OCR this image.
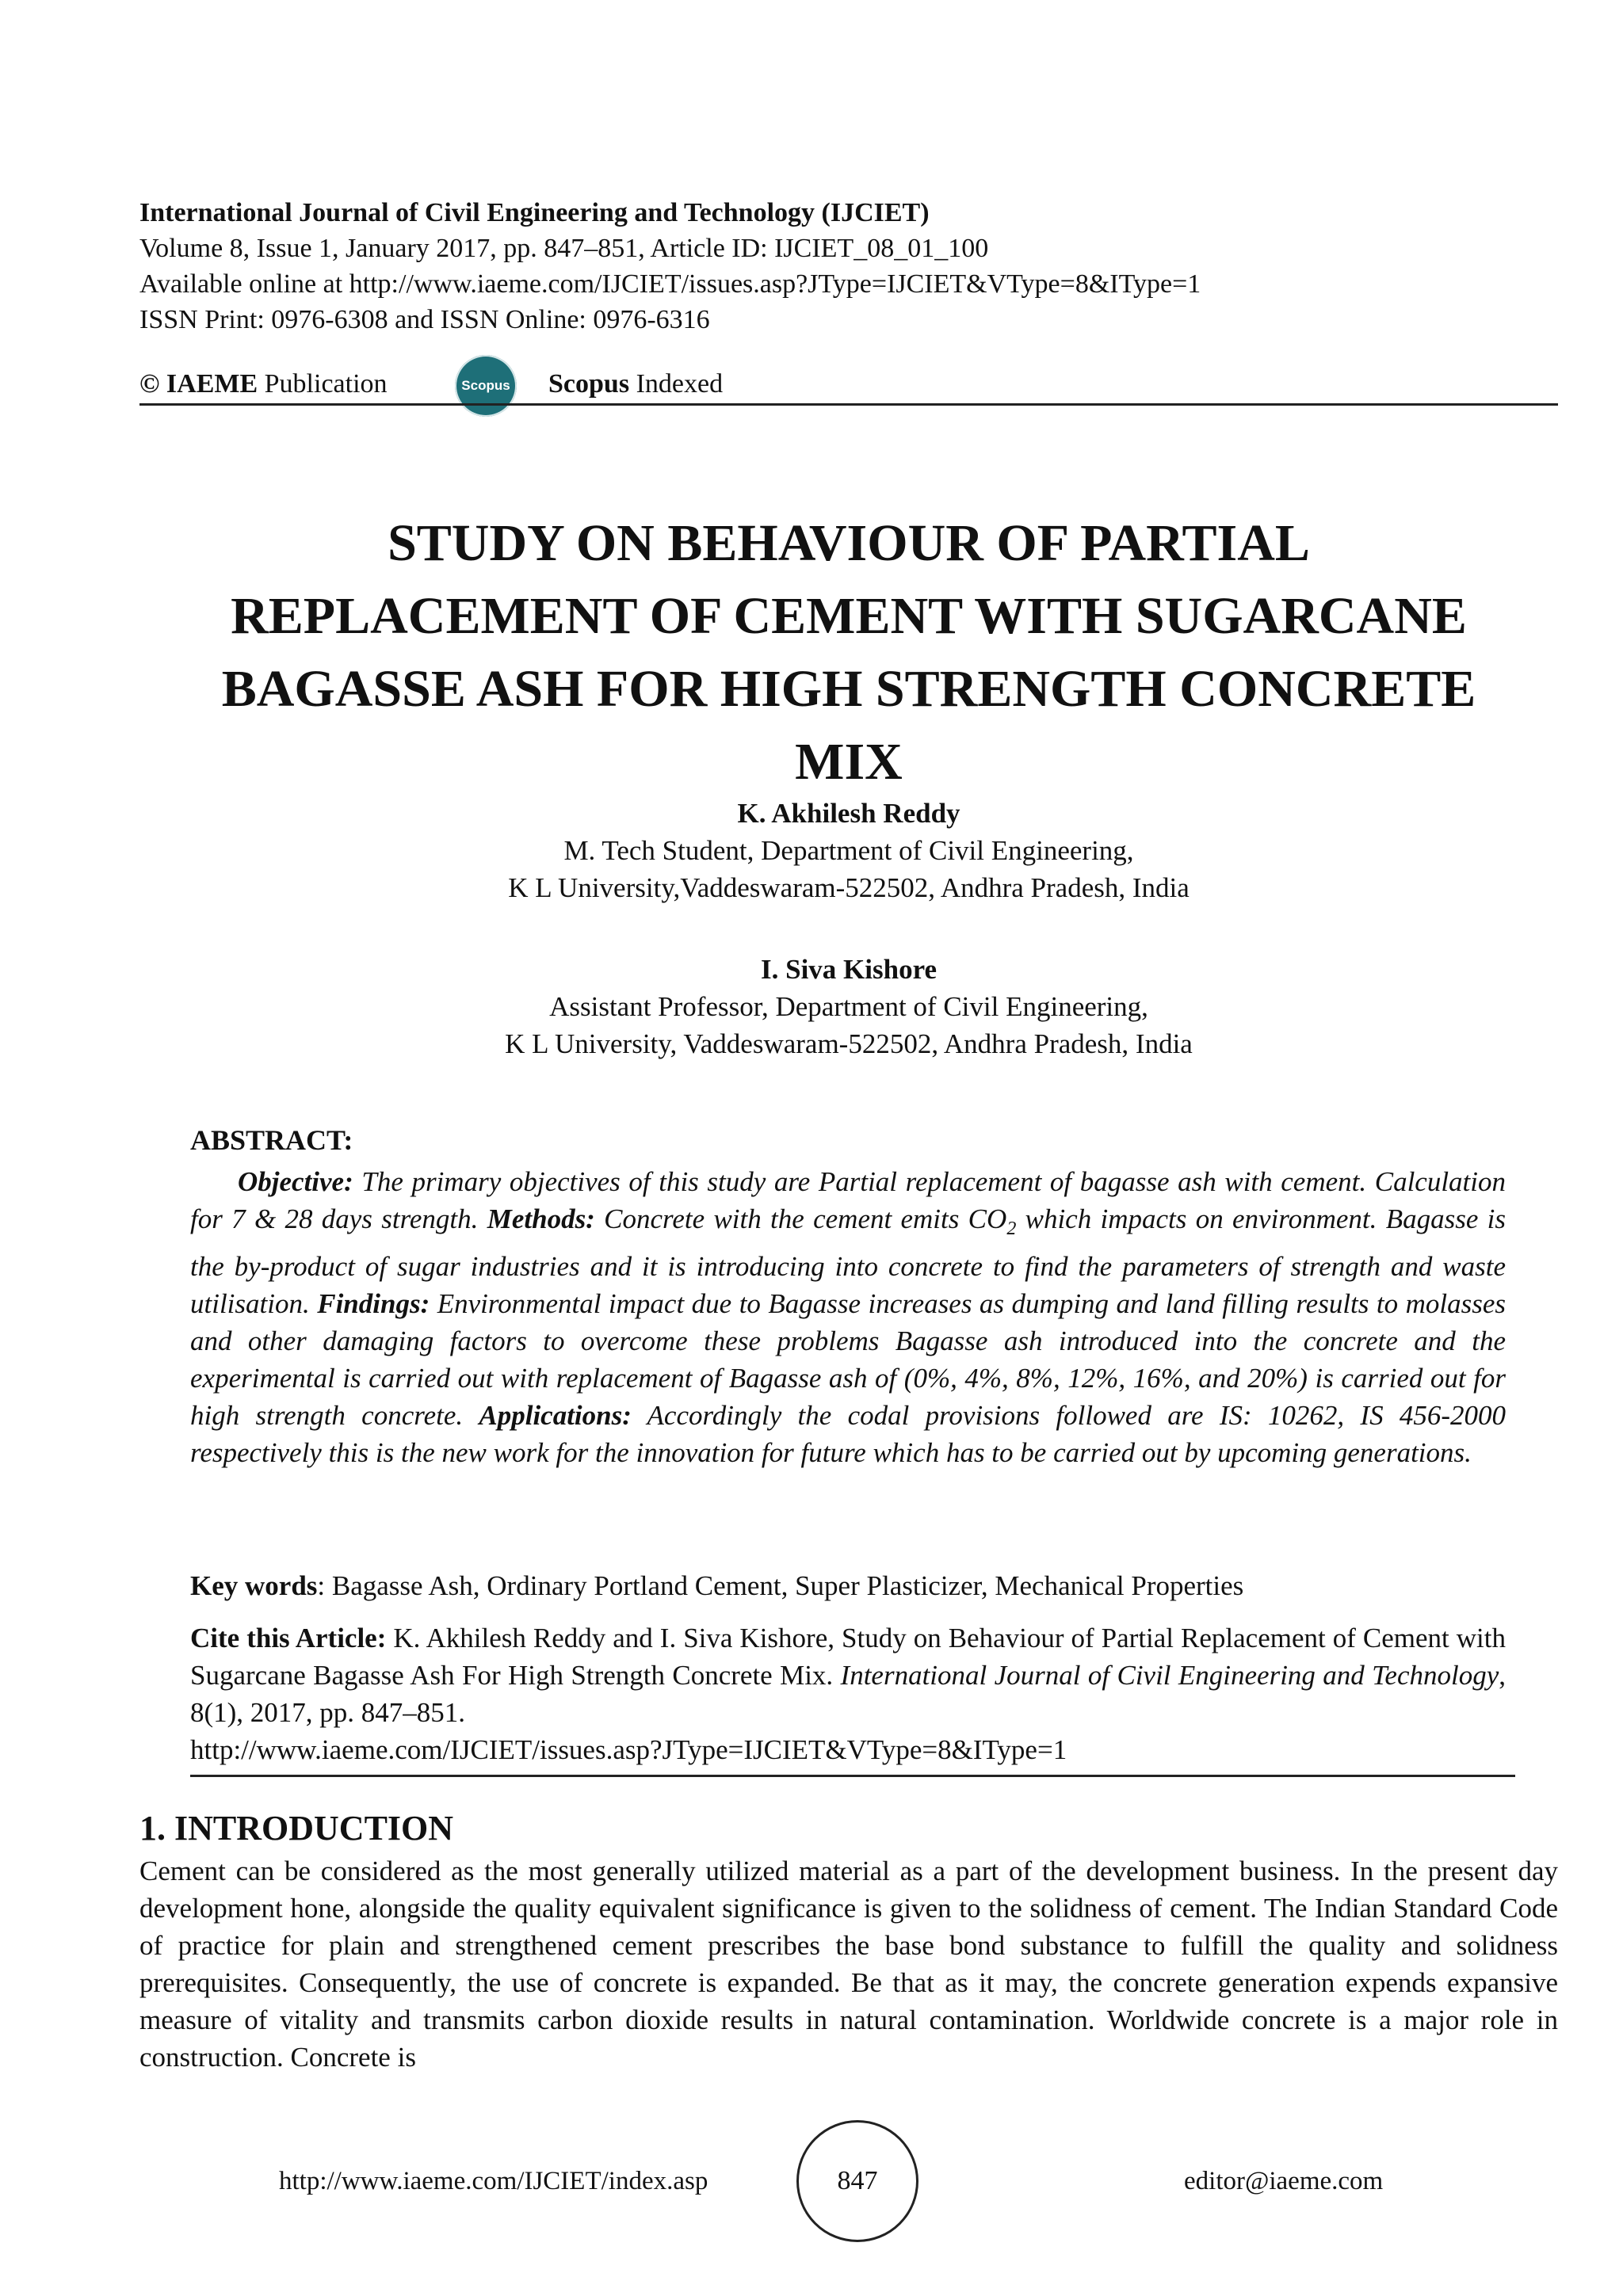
International Journal of Civil Engineering and Technology (IJCIET)
Volume 8, Issue 1, January 2017, pp. 847–851, Article ID: IJCIET_08_01_100
Available online at http://www.iaeme.com/IJCIET/issues.asp?JType=IJCIET&VType=8&IType=1
ISSN Print: 0976-6308 and ISSN Online: 0976-6316
© IAEME Publication	Scopus Scopus Indexed
STUDY ON BEHAVIOUR OF PARTIAL
REPLACEMENT OF CEMENT WITH SUGARCANE
BAGASSE ASH FOR HIGH STRENGTH CONCRETE
MIX
K. Akhilesh Reddy
M. Tech Student, Department of Civil Engineering,
K L University,Vaddeswaram-522502, Andhra Pradesh, India
I. Siva Kishore
Assistant Professor, Department of Civil Engineering,
K L University, Vaddeswaram-522502, Andhra Pradesh, India
ABSTRACT:

Objective: The primary objectives of this study are Partial replacement of bagasse ash with cement. Calculation for 7 & 28 days strength. Methods: Concrete with the cement emits $CO_2$ which impacts on environment. Bagasse is the by-product of sugar industries and it is introducing into concrete to find the parameters of strength and waste utilisation. Findings: Environmental impact due to Bagasse increases as dumping and land filling results to molasses and other damaging factors to overcome these problems Bagasse ash introduced into the concrete and the experimental is carried out with replacement of Bagasse ash of (0%, 4%, 8%, 12%, 16%, and 20%) is carried out for high strength concrete. Applications: Accordingly the codal provisions followed are IS: 10262, IS 456-2000 respectively this is the new work for the innovation for future which has to be carried out by upcoming generations.

Key words: Bagasse Ash, Ordinary Portland Cement, Super Plasticizer, Mechanical Properties

Cite this Article: K. Akhilesh Reddy and I. Siva Kishore, Study on Behaviour of Partial Replacement of Cement with Sugarcane Bagasse Ash For High Strength Concrete Mix. International Journal of Civil Engineering and Technology, 8(1), 2017, pp. 847–851.

http://www.iaeme.com/IJCIET/issues.asp?JType=IJCIET&VType=8&IType=1

1. INTRODUCTION

Cement can be considered as the most generally utilized material as a part of the development business. In the present day development hone, alongside the quality equivalent significance is given to the solidness of cement. The Indian Standard Code of practice for plain and strengthened cement prescribes the base bond substance to fulfill the quality and solidness prerequisites. Consequently, the use of concrete is expanded. Be that as it may, the concrete generation expends expansive measure of vitality and transmits carbon dioxide results in natural contamination. Worldwide concrete is a major role in construction. Concrete is

http://www.iaeme.com/IJCIET/index.asp	847	editor@iaeme.com
